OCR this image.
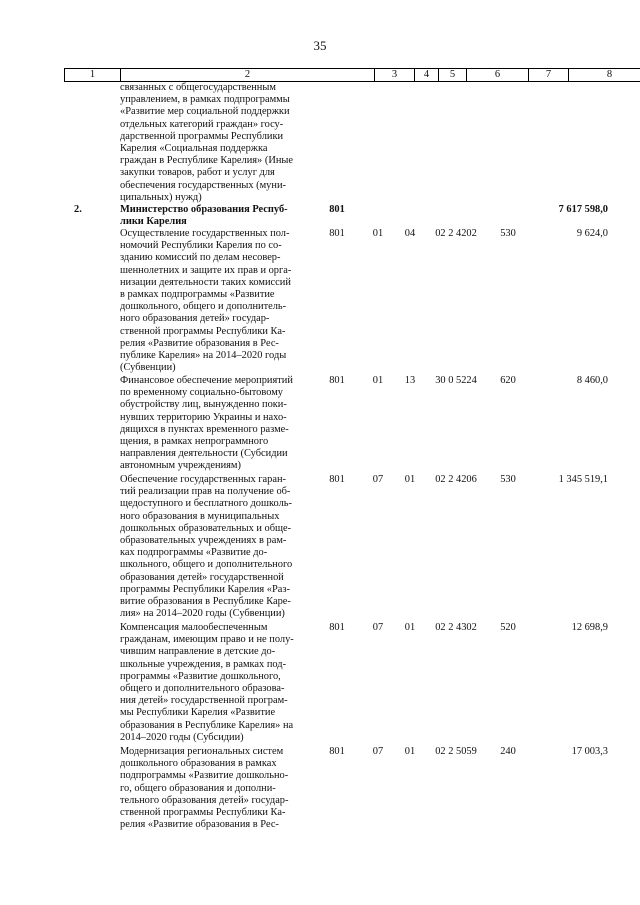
35
1	2	3	4	5	6	7	8
связанных с общегосударственным
управлением, в рамках подпрограммы
«Развитие мер социальной поддержки
отдельных категорий граждан» госу-
дарственной программы Республики
Карелия «Социальная поддержка
граждан в Республике Карелия» (Иные
закупки товаров, работ и услуг для
обеспечения государственных (муни-
ципальных) нужд)
2.	Министерство образования Респуб-
лики Карелия
801	7 617 598,0
Осуществление государственных пол-
номочий Республики Карелия по со-
зданию комиссий по делам несовер-
шеннолетних и защите их прав и орга-
низации деятельности таких комиссий
в рамках подпрограммы «Развитие
дошкольного, общего и дополнитель-
ного образования детей» государ-
ственной программы Республики Ка-
релия «Развитие образования в Рес-
публике Карелия» на 2014–2020 годы
(Субвенции)
801	01	04	02 2 4202	530	9 624,0
Финансовое обеспечение мероприятий
по временному социально-бытовому
обустройству лиц, вынужденно поки-
нувших территорию Украины и нахо-
дящихся в пунктах временного разме-
щения, в рамках непрограммного
направления деятельности (Субсидии
автономным учреждениям)
801	01	13	30 0 5224	620	8 460,0
Обеспечение государственных гаран-
тий реализации прав на получение об-
щедоступного и бесплатного дошколь-
ного образования в муниципальных
дошкольных образовательных и обще-
образовательных учреждениях в рам-
ках подпрограммы «Развитие до-
школьного, общего и дополнительного
образования детей» государственной
программы Республики Карелия «Раз-
витие образования в Республике Каре-
лия» на 2014–2020 годы (Субвенции)
801	07	01	02 2 4206	530	1 345 519,1
Компенсация малообеспеченным
гражданам, имеющим право и не полу-
чившим направление в детские до-
школьные учреждения, в рамках под-
программы «Развитие дошкольного,
общего и дополнительного образова-
ния детей» государственной програм-
мы Республики Карелия «Развитие
образования в Республике Карелия» на
2014–2020 годы (Субсидии)
801	07	01	02 2 4302	520	12 698,9
Модернизация региональных систем
дошкольного образования в рамках
подпрограммы «Развитие дошкольно-
го, общего образования и дополни-
тельного образования детей» государ-
ственной программы Республики Ка-
релия «Развитие образования в Рес-
801	07	01	02 2 5059	240	17 003,3
